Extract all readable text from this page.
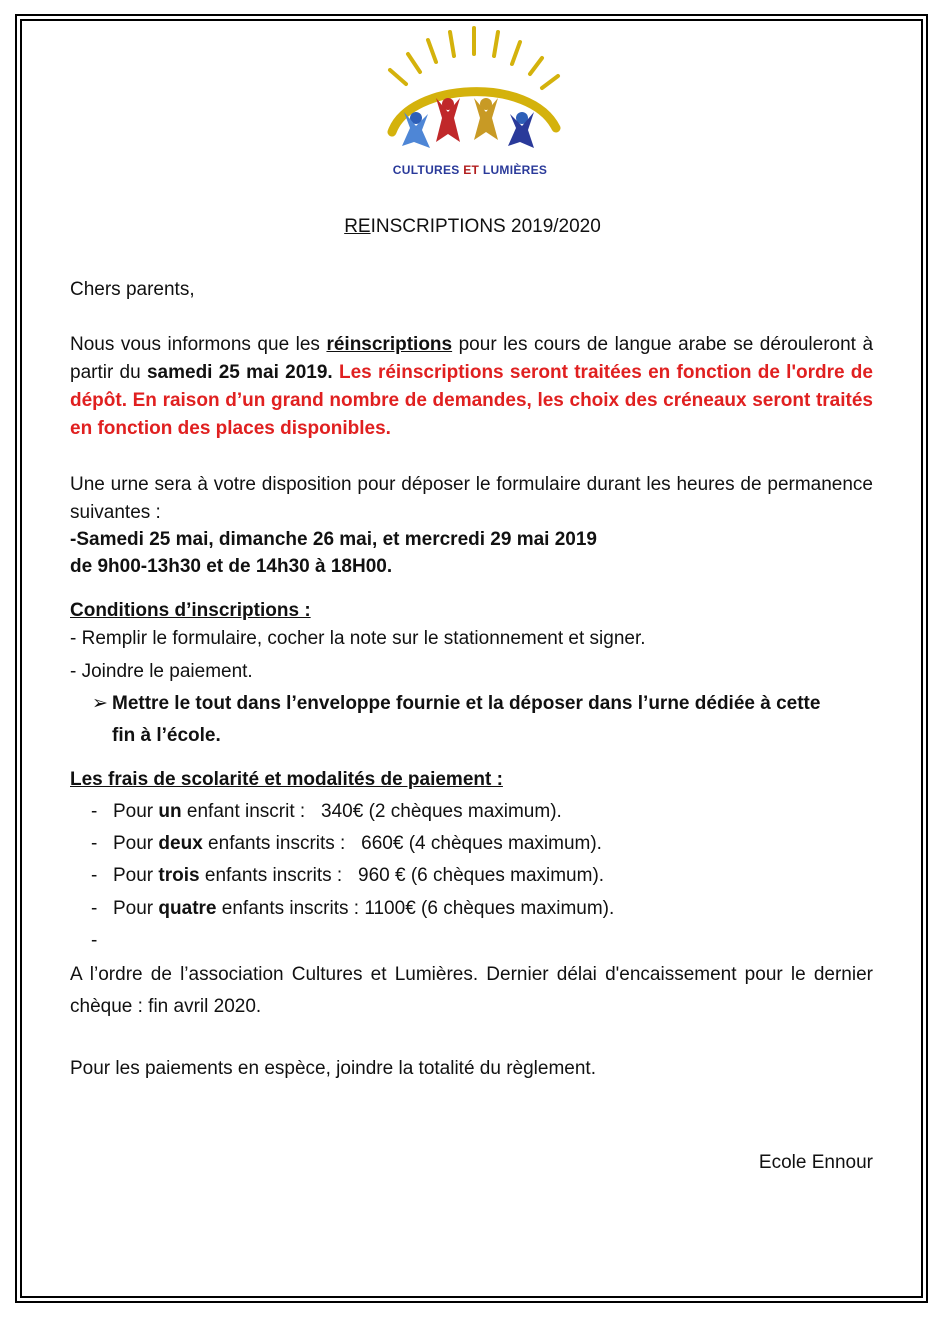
CULTURES ET LUMIÈRES
REINSCRIPTIONS 2019/2020
Chers parents,
Nous vous informons que les réinscriptions pour les cours de langue arabe se dérouleront à partir du samedi 25 mai 2019. Les réinscriptions seront traitées en fonction de l'ordre de dépôt. En raison d’un grand nombre de demandes, les choix des créneaux seront traités en fonction des places disponibles.
Une urne sera à votre disposition pour déposer le formulaire durant les heures de permanence suivantes :
-Samedi 25 mai, dimanche 26 mai, et mercredi 29 mai 2019
de 9h00-13h30 et de 14h30 à 18H00.
Conditions d’inscriptions :
- Remplir le formulaire, cocher la note sur le stationnement et signer.
- Joindre le paiement.
➢ Mettre le tout dans l’enveloppe fournie et la déposer dans l’urne dédiée à cette
fin à l’école.
Les frais de scolarité et modalités de paiement :
- Pour un enfant inscrit :   340€ (2 chèques maximum).
- Pour deux enfants inscrits :   660€ (4 chèques maximum).
- Pour trois enfants inscrits :   960 € (6 chèques maximum).
- Pour quatre enfants inscrits : 1100€ (6 chèques maximum).
-
A l’ordre de l’association Cultures et Lumières. Dernier délai d'encaissement pour le dernier chèque : fin avril 2020.
Pour les paiements en espèce, joindre la totalité du règlement.
Ecole Ennour
